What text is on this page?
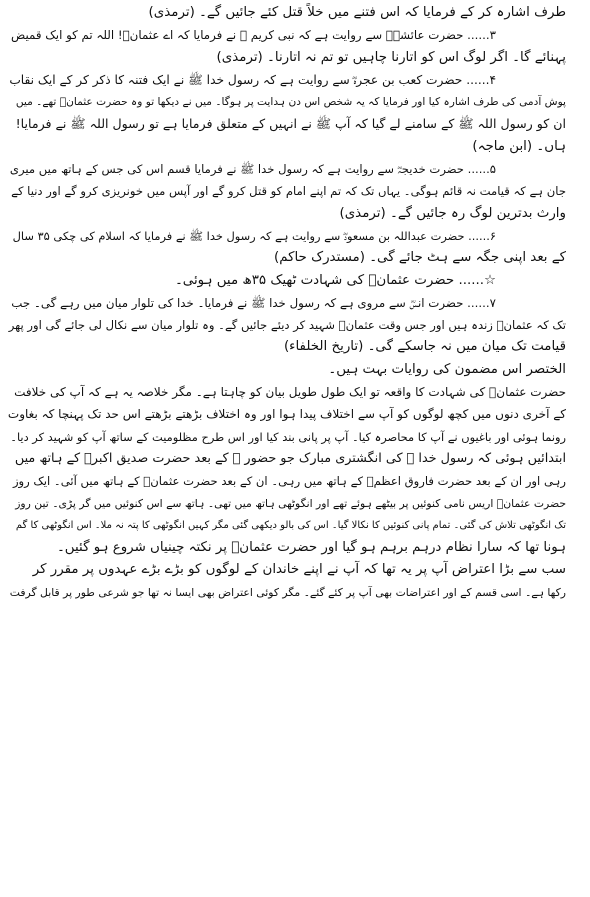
طرف اشارہ کر کے فرمایا کہ اس فتنے میں خلاً قتل کئے جائیں گے۔ (ترمذی)
۳...... حضرت عائشہؓ سے روایت ہے کہ نبی کریم ﷺ نے فرمایا کہ اے عثمانؓ! اللہ تم کو ایک قمیض
پہنائے گا۔ اگر لوگ اس کو اتارنا چاہیں تو تم نہ اتارنا۔ (ترمذی)
۴...... حضرت کعب بن عجرہؓ سے روایت ہے کہ رسول خدا ﷺ نے ایک فتنہ کا ذکر کر کے ایک نقاب
پوش آدمی کی طرف اشارہ کیا اور فرمایا کہ یہ شخص اس دن ہدایت پر ہوگا۔ میں نے دیکھا تو وہ حضرت عثمانؓ تھے۔ میں
ان کو رسول اللہ ﷺ کے سامنے لے گیا کہ آپ ﷺ نے انہیں کے متعلق فرمایا ہے تو رسول اللہ ﷺ نے فرمایا!
ہاں۔ (ابن ماجہ)
۵...... حضرت خدیجہؓ سے روایت ہے کہ رسول خدا ﷺ نے فرمایا قسم اس کی جس کے ہاتھ میں میری
جان ہے کہ قیامت نہ قائم ہوگی۔ یہاں تک کہ تم اپنے امام کو قتل کرو گے اور آپس میں خونریزی کرو گے اور دنیا کے
وارث بدترین لوگ رہ جائیں گے۔ (ترمذی)
۶...... حضرت عبداللہ بن مسعودؓ سے روایت ہے کہ رسول خدا ﷺ نے فرمایا کہ اسلام کی چکی ۳۵ سال
کے بعد اپنی جگہ سے ہٹ جائے گی۔ (مستدرک حاکم)
☆...... حضرت عثمانؓ کی شہادت ٹھیک ۳۵ھ میں ہوئی۔
۷...... حضرت انسؓ سے مروی ہے کہ رسول خدا ﷺ نے فرمایا۔ خدا کی تلوار میان میں رہے گی۔ جب
تک کہ عثمانؓ زندہ ہیں اور جس وقت عثمانؓ شہید کر دیئے جائیں گے۔ وہ تلوار میان سے نکال لی جائے گی اور پھر
قیامت تک میان میں نہ جاسکے گی۔ (تاریخ الخلفاء)
الختصر اس مضمون کی روایات بہت ہیں۔
حضرت عثمانؓ کی شہادت کا واقعہ تو ایک طول طویل بیان کو چاہتا ہے۔ مگر خلاصہ یہ ہے کہ آپ کی خلافت
کے آخری دنوں میں کچھ لوگوں کو آپ سے اختلاف پیدا ہوا اور وہ اختلاف بڑھتے بڑھتے اس حد تک پہنچا کہ بغاوت
رونما ہوئی اور باغیوں نے آپ کا محاصرہ کیا۔ آپ پر پانی بند کیا اور اس طرح مظلومیت کے ساتھ آپ کو شہید کر دیا۔
ابتدائیں ہوئی کہ رسول خدا ﷺ کی انگشتری مبارک جو حضور ﷺ کے بعد حضرت صدیق اکبرؓ کے ہاتھ میں
رہی اور ان کے بعد حضرت فاروق اعظمؓ کے ہاتھ میں رہی۔ ان کے بعد حضرت عثمانؓ کے ہاتھ میں آئی۔ ایک روز
حضرت عثمانؓ اریس نامی کنوئیں پر بیٹھے ہوئے تھے اور انگوٹھی ہاتھ میں تھی۔ ہاتھ سے اس کنوئیں میں گر پڑی۔ تین روز
تک انگوٹھی تلاش کی گئی۔ تمام پانی کنوئیں کا نکالا گیا۔ اس کی بالو دیکھی گئی مگر کہیں انگوٹھی کا پتہ نہ ملا۔ اس انگوٹھی کا گم
ہونا تھا کہ سارا نظام درہم برہم ہو گیا اور حضرت عثمانؓ پر نکتہ چینیاں شروع ہو گئیں۔
سب سے بڑا اعتراض آپ پر یہ تھا کہ آپ نے اپنے خاندان کے لوگوں کو بڑے بڑے عہدوں پر مقرر کر
رکھا ہے۔ اسی قسم کے اور اعتراضات بھی آپ پر کئے گئے۔ مگر کوئی اعتراض بھی ایسا نہ تھا جو شرعی طور پر قابل گرفت
